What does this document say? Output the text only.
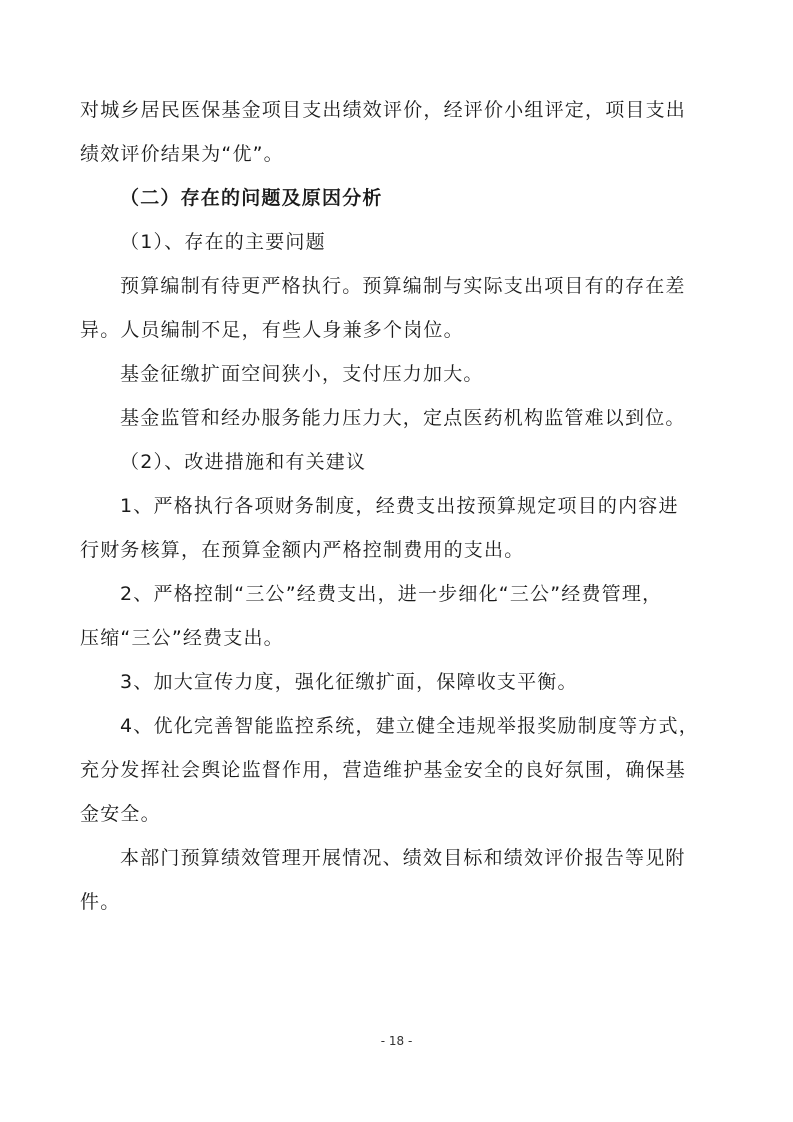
对城乡居民医保基金项目支出绩效评价，经评价小组评定，项目支出
绩效评价结果为“优”。
（二）存在的问题及原因分析
（1）、存在的主要问题
预算编制有待更严格执行。预算编制与实际支出项目有的存在差
异。人员编制不足，有些人身兼多个岗位。
基金征缴扩面空间狭小，支付压力加大。
基金监管和经办服务能力压力大，定点医药机构监管难以到位。
（2）、改进措施和有关建议
1、严格执行各项财务制度，经费支出按预算规定项目的内容进
行财务核算，在预算金额内严格控制费用的支出。
2、严格控制“三公”经费支出，进一步细化“三公”经费管理，
压缩“三公”经费支出。
3、加大宣传力度，强化征缴扩面，保障收支平衡。
4、优化完善智能监控系统，建立健全违规举报奖励制度等方式，
充分发挥社会舆论监督作用，营造维护基金安全的良好氛围，确保基
金安全。
本部门预算绩效管理开展情况、绩效目标和绩效评价报告等见附
件。
- 18 -
